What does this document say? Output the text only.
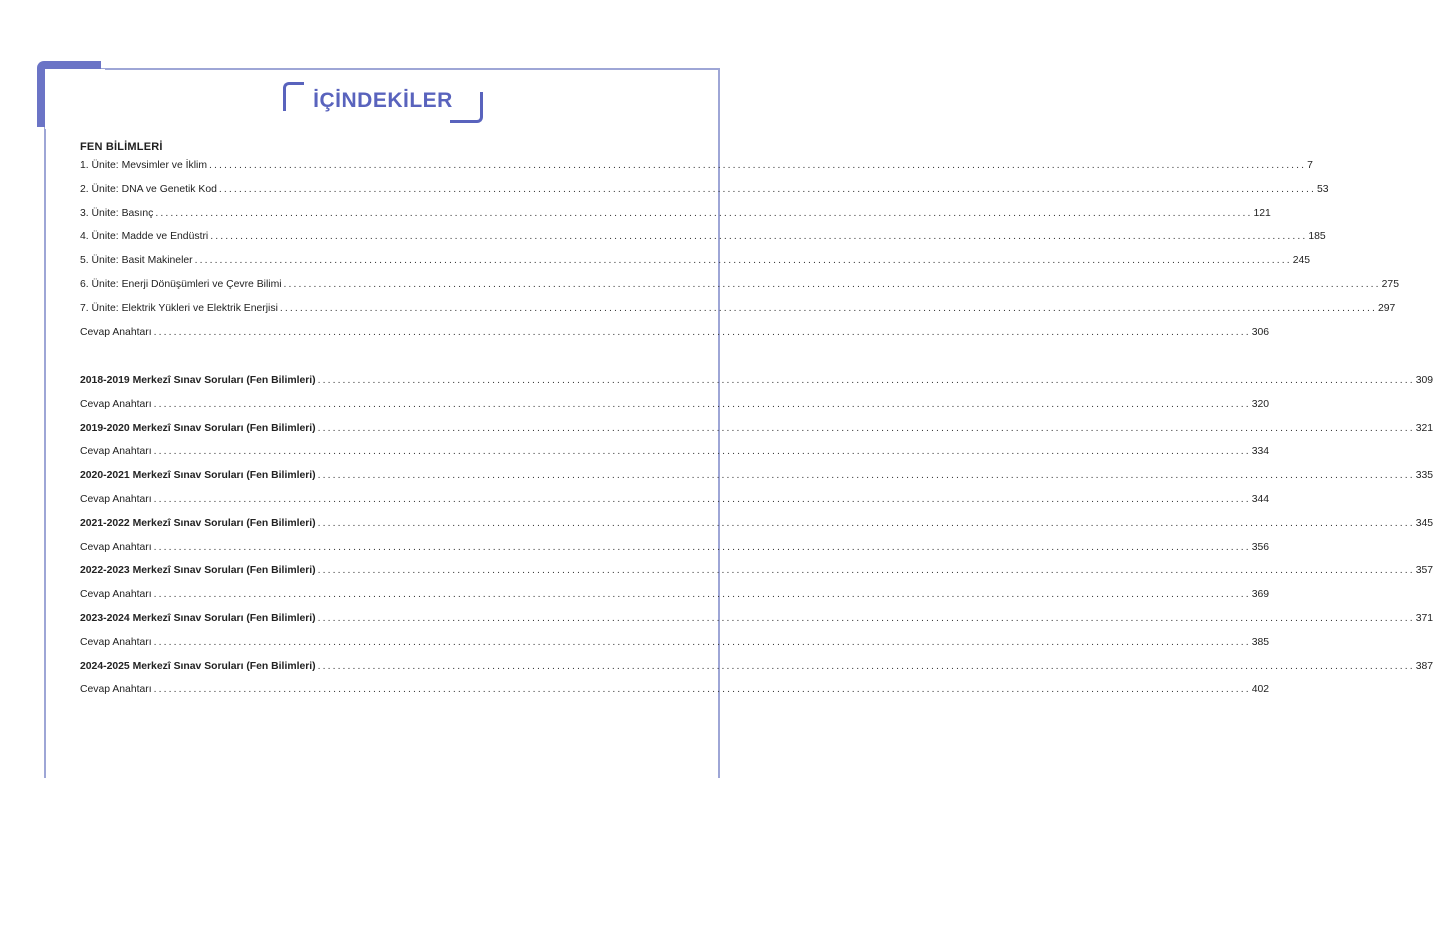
İÇİNDEKİLER
FEN BİLİMLERİ
1. Ünite: Mevsimler ve İklim ............................................................................................................................................................................................................................ 7
2. Ünite: DNA ve Genetik Kod ............................................................................................................................................................................................................................ 53
3. Ünite: Basınç ............................................................................................................................................................................................................................ 121
4. Ünite: Madde ve Endüstri ............................................................................................................................................................................................................................ 185
5. Ünite: Basit Makineler ............................................................................................................................................................................................................................ 245
6. Ünite: Enerji Dönüşümleri ve Çevre Bilimi ............................................................................................................................................................................................................................ 275
7. Ünite: Elektrik Yükleri ve Elektrik Enerjisi ............................................................................................................................................................................................................................ 297
Cevap Anahtarı ............................................................................................................................................................................................................................ 306
2018-2019 Merkezî Sınav Soruları (Fen Bilimleri) ............................................................................................................................................................................................................................ 309
Cevap Anahtarı ............................................................................................................................................................................................................................ 320
2019-2020 Merkezî Sınav Soruları (Fen Bilimleri) ............................................................................................................................................................................................................................ 321
Cevap Anahtarı ............................................................................................................................................................................................................................ 334
2020-2021 Merkezî Sınav Soruları (Fen Bilimleri) ............................................................................................................................................................................................................................ 335
Cevap Anahtarı ............................................................................................................................................................................................................................ 344
2021-2022 Merkezî Sınav Soruları (Fen Bilimleri) ............................................................................................................................................................................................................................ 345
Cevap Anahtarı ............................................................................................................................................................................................................................ 356
2022-2023 Merkezî Sınav Soruları (Fen Bilimleri) ............................................................................................................................................................................................................................ 357
Cevap Anahtarı ............................................................................................................................................................................................................................ 369
2023-2024 Merkezî Sınav Soruları (Fen Bilimleri) ............................................................................................................................................................................................................................ 371
Cevap Anahtarı ............................................................................................................................................................................................................................ 385
2024-2025 Merkezî Sınav Soruları (Fen Bilimleri) ............................................................................................................................................................................................................................ 387
Cevap Anahtarı ............................................................................................................................................................................................................................ 402
